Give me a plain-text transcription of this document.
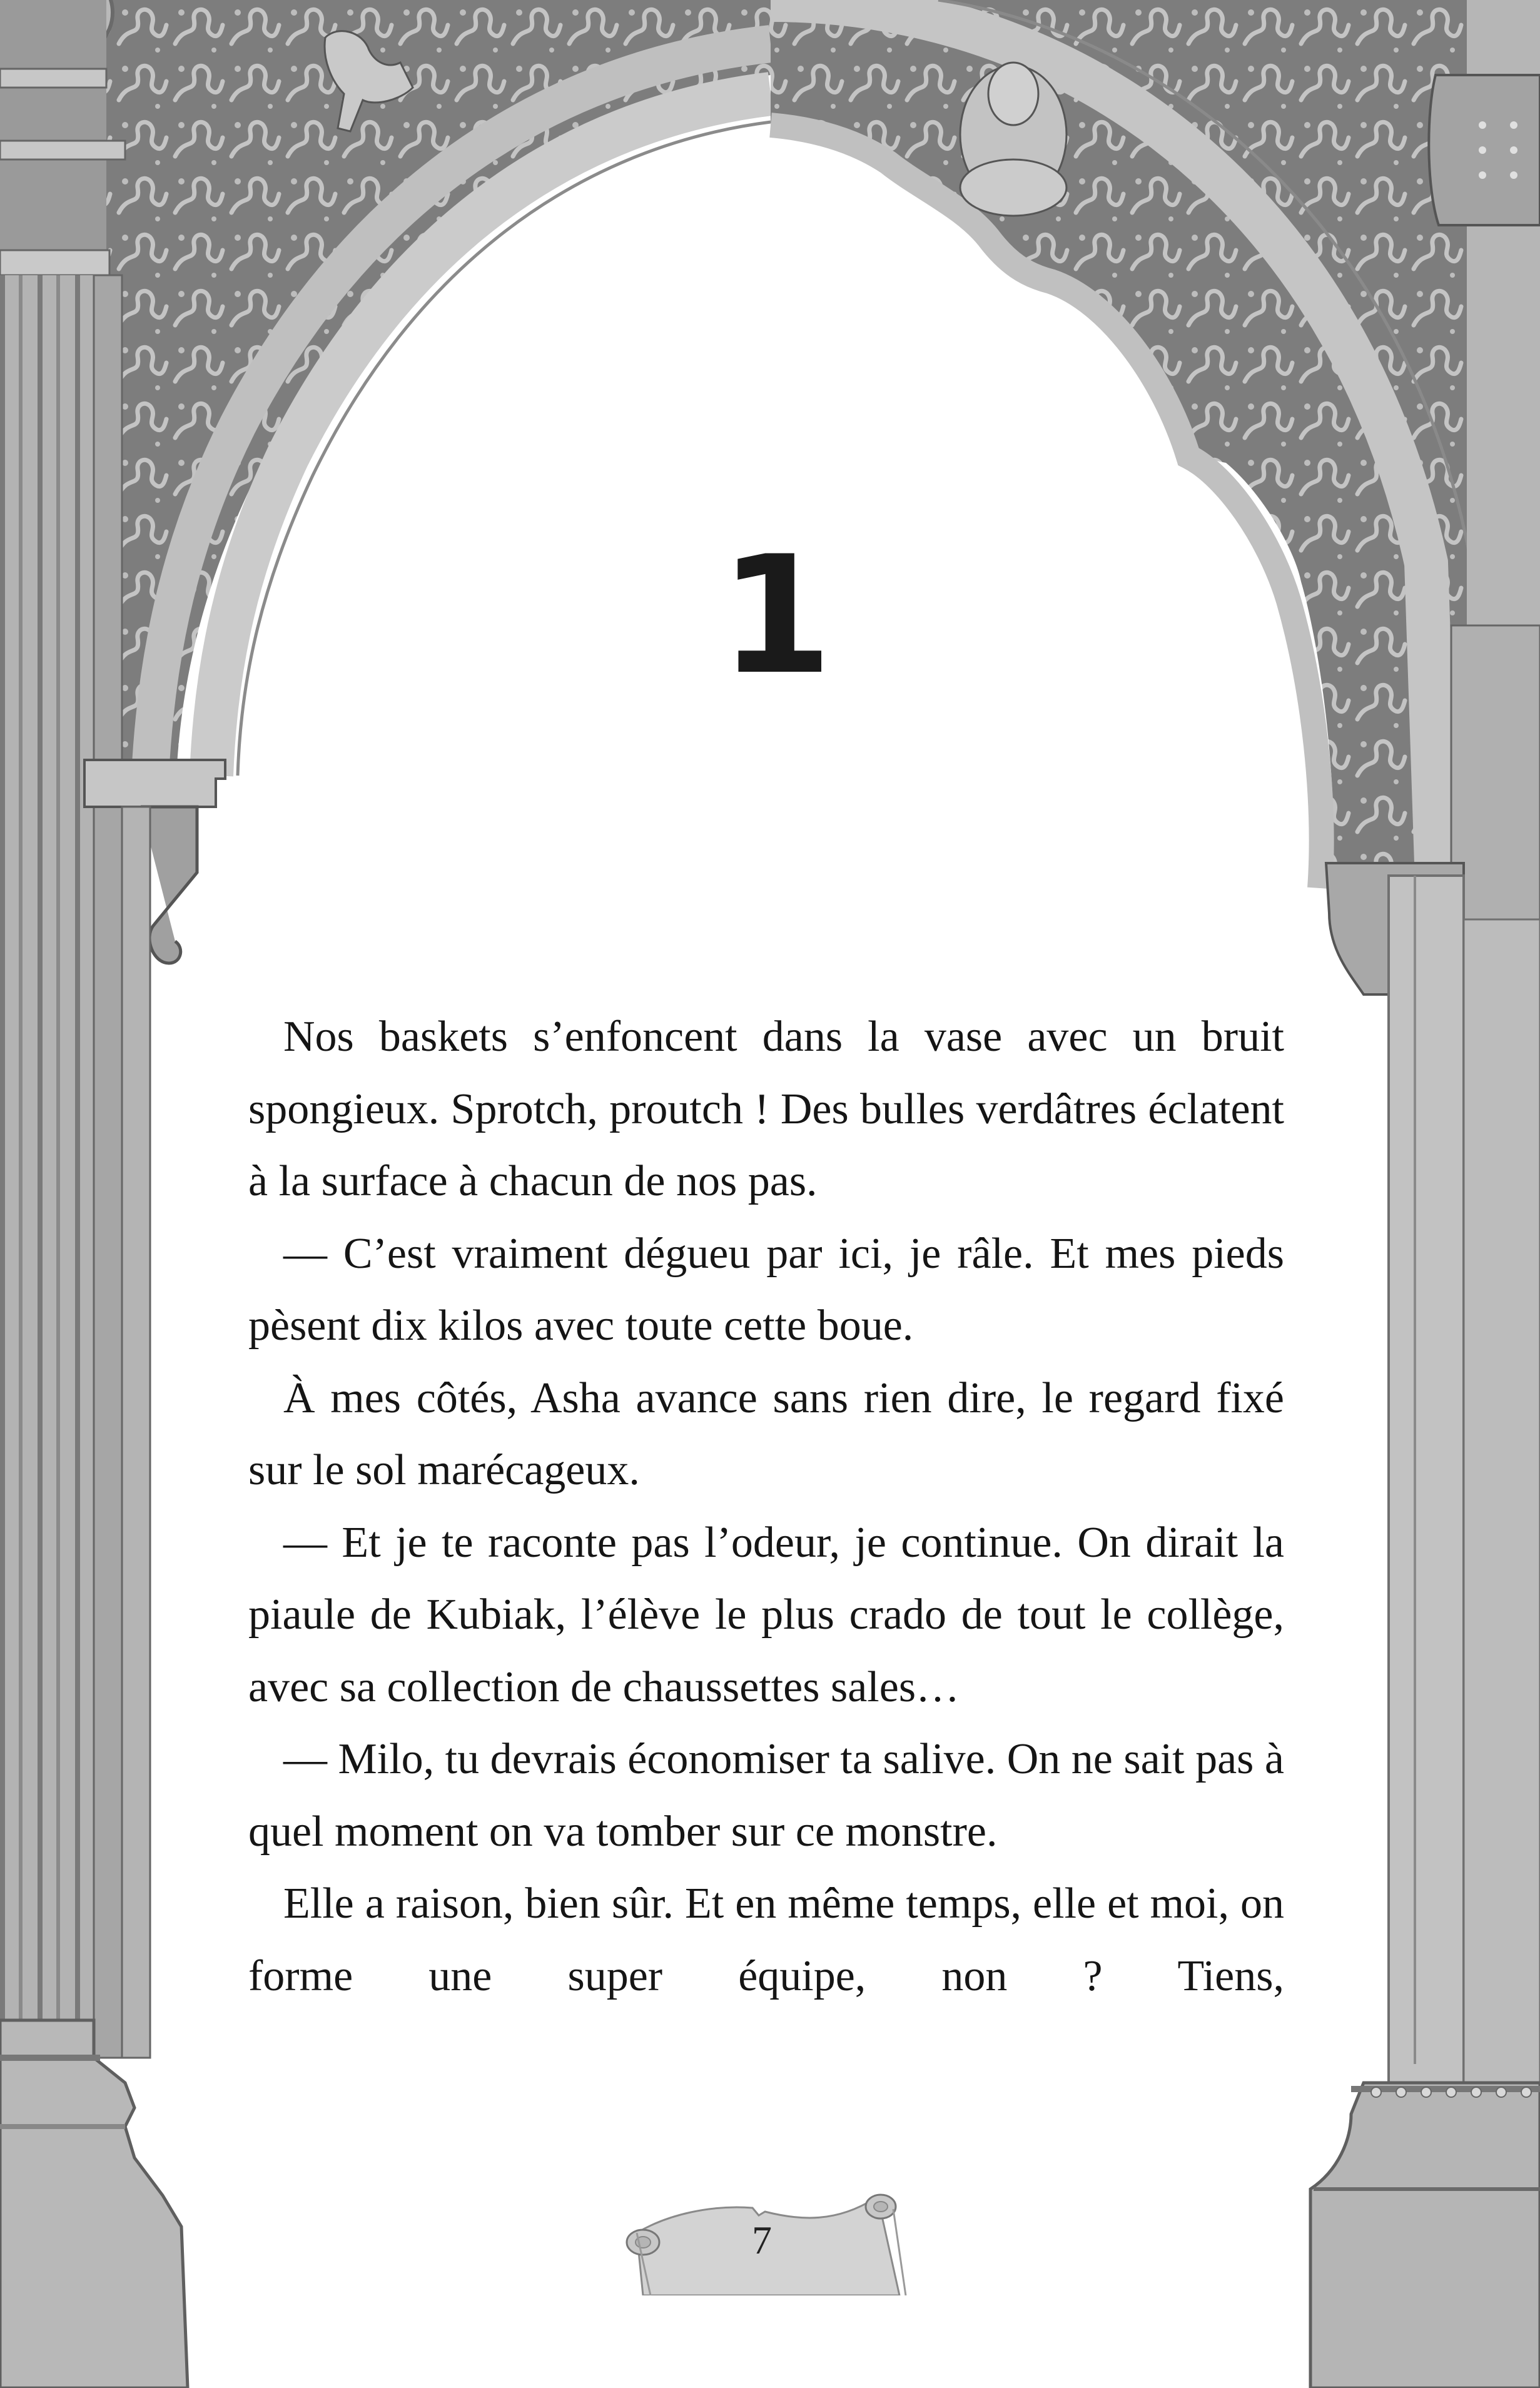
1

Nos baskets s’enfoncent dans la vase avec un bruit spongieux. Sprotch, proutch ! Des bulles verdâtres éclatent à la surface à chacun de nos pas.

— C’est vraiment dégueu par ici, je râle. Et mes pieds pèsent dix kilos avec toute cette boue.

À mes côtés, Asha avance sans rien dire, le regard fixé sur le sol marécageux.

— Et je te raconte pas l’odeur, je continue. On dirait la piaule de Kubiak, l’élève le plus crado de tout le collège, avec sa collection de chaussettes sales…

— Milo, tu devrais économiser ta salive. On ne sait pas à quel moment on va tomber sur ce monstre.

Elle a raison, bien sûr. Et en même temps, elle et moi, on forme une super équipe, non ? Tiens,

7
